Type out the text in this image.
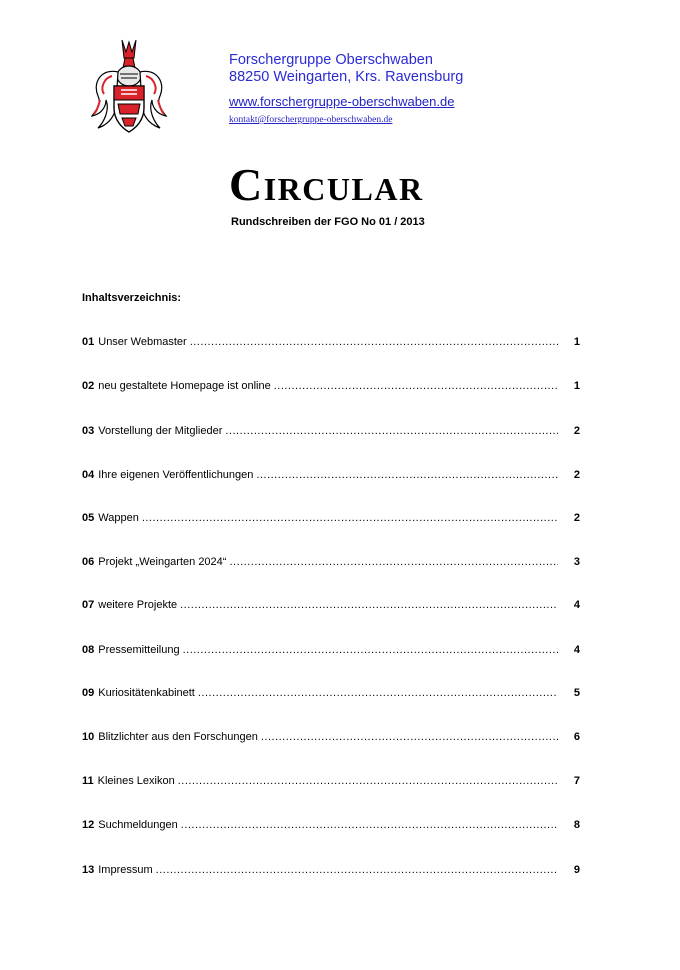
Forschergruppe Oberschwaben
88250 Weingarten, Krs. Ravensburg
www.forschergruppe-oberschwaben.de
kontakt@forschergruppe-oberschwaben.de
Circular
Rundschreiben der FGO No 01 / 2013
Inhaltsverzeichnis:
01 Unser Webmaster .....	1
02 neu gestaltete Homepage ist online .....	1
03 Vorstellung der Mitglieder .....	2
04 Ihre eigenen Veröffentlichungen .....	2
05 Wappen .....	2
06 Projekt „Weingarten 2024“ .....	3
07 weitere Projekte .....	4
08 Pressemitteilung .....	4
09 Kuriositätenkabinett .....	5
10 Blitzlichter aus den Forschungen .....	6
11 Kleines Lexikon .....	7
12 Suchmeldungen .....	8
13 Impressum .....	9
